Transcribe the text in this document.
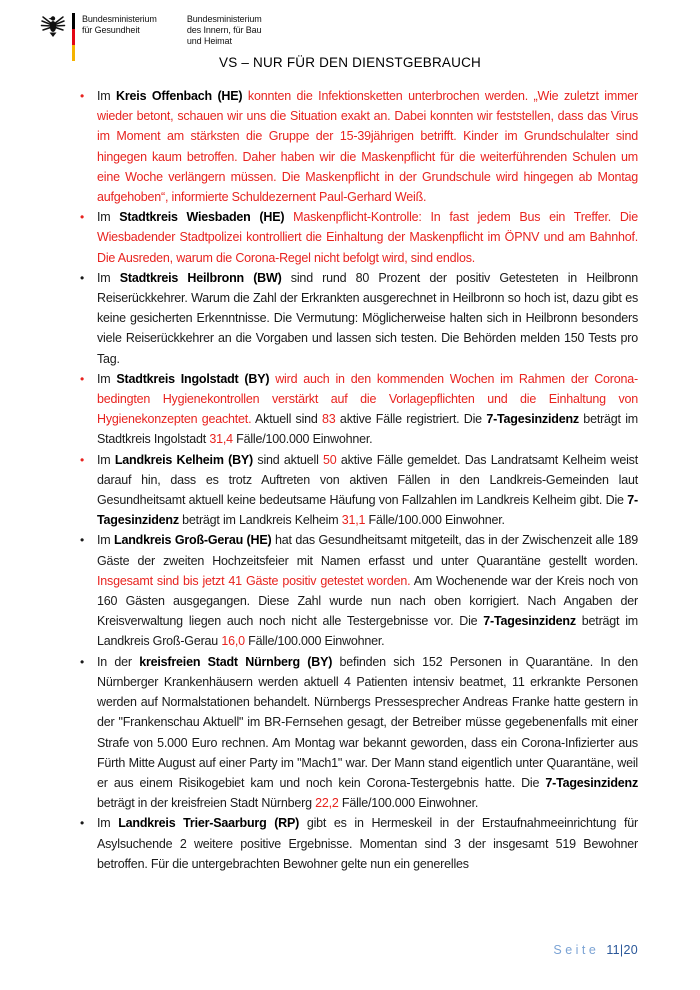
Bundesministerium
für Gesundheit
Bundesministerium
des Innern, für Bau
und Heimat
VS – NUR FÜR DEN DIENSTGEBRAUCH
•	Im Kreis Offenbach (HE) konnten die Infektionsketten unterbrochen werden. „Wie zuletzt immer wieder betont, schauen wir uns die Situation exakt an. Dabei konnten wir feststellen, dass das Virus im Moment am stärksten die Gruppe der 15-39jährigen betrifft. Kinder im Grundschulalter sind hingegen kaum betroffen. Daher haben wir die Maskenpflicht für die weiterführenden Schulen um eine Woche verlängern müssen. Die Maskenpflicht in der Grundschule wird hingegen ab Montag aufgehoben“, informierte Schuldezernent Paul-Gerhard Weiß.
•	Im Stadtkreis Wiesbaden (HE) Maskenpflicht-Kontrolle: In fast jedem Bus ein Treffer. Die Wiesbadender Stadtpolizei kontrolliert die Einhaltung der Maskenpflicht im ÖPNV und am Bahnhof. Die Ausreden, warum die Corona-Regel nicht befolgt wird, sind endlos.
•	Im Stadtkreis Heilbronn (BW) sind rund 80 Prozent der positiv Getesteten in Heilbronn Reiserückkehrer. Warum die Zahl der Erkrankten ausgerechnet in Heilbronn so hoch ist, dazu gibt es keine gesicherten Erkenntnisse. Die Vermutung: Möglicherweise halten sich in Heilbronn besonders viele Reiserückkehrer an die Vorgaben und lassen sich testen. Die Behörden melden 150 Tests pro Tag.
•	Im Stadtkreis Ingolstadt (BY) wird auch in den kommenden Wochen im Rahmen der Corona-bedingten Hygienekontrollen verstärkt auf die Vorlagepflichten und die Einhaltung von Hygienekonzepten geachtet. Aktuell sind 83 aktive Fälle registriert. Die 7-Tagesinzidenz beträgt im Stadtkreis Ingolstadt 31,4 Fälle/100.000 Einwohner.
•	Im Landkreis Kelheim (BY) sind aktuell 50 aktive Fälle gemeldet. Das Landratsamt Kelheim weist darauf hin, dass es trotz Auftreten von aktiven Fällen in den Landkreis-Gemeinden laut Gesundheitsamt aktuell keine bedeutsame Häufung von Fallzahlen im Landkreis Kelheim gibt. Die 7-Tagesinzidenz beträgt im Landkreis Kelheim 31,1 Fälle/100.000 Einwohner.
•	Im Landkreis Groß-Gerau (HE) hat das Gesundheitsamt mitgeteilt, das in der Zwischenzeit alle 189 Gäste der zweiten Hochzeitsfeier mit Namen erfasst und unter Quarantäne gestellt worden. Insgesamt sind bis jetzt 41 Gäste positiv getestet worden. Am Wochenende war der Kreis noch von 160 Gästen ausgegangen. Diese Zahl wurde nun nach oben korrigiert. Nach Angaben der Kreisverwaltung liegen auch noch nicht alle Testergebnisse vor. Die 7-Tagesinzidenz beträgt im Landkreis Groß-Gerau 16,0 Fälle/100.000 Einwohner.
•	In der kreisfreien Stadt Nürnberg (BY) befinden sich 152 Personen in Quarantäne. In den Nürnberger Krankenhäusern werden aktuell 4 Patienten intensiv beatmet, 11 erkrankte Personen werden auf Normalstationen behandelt. Nürnbergs Pressesprecher Andreas Franke hatte gestern in der "Frankenschau Aktuell" im BR-Fernsehen gesagt, der Betreiber müsse gegebenenfalls mit einer Strafe von 5.000 Euro rechnen. Am Montag war bekannt geworden, dass ein Corona-Infizierter aus Fürth Mitte August auf einer Party im "Mach1" war. Der Mann stand eigentlich unter Quarantäne, weil er aus einem Risikogebiet kam und noch kein Corona-Testergebnis hatte. Die 7-Tagesinzidenz beträgt in der kreisfreien Stadt Nürnberg 22,2 Fälle/100.000 Einwohner.
•	Im Landkreis Trier-Saarburg (RP) gibt es in Hermeskeil in der Erstaufnahmeeinrichtung für Asylsuchende 2 weitere positive Ergebnisse. Momentan sind 3 der insgesamt 519 Bewohner betroffen. Für die untergebrachten Bewohner gelte nun ein generelles
Seite 11|20
